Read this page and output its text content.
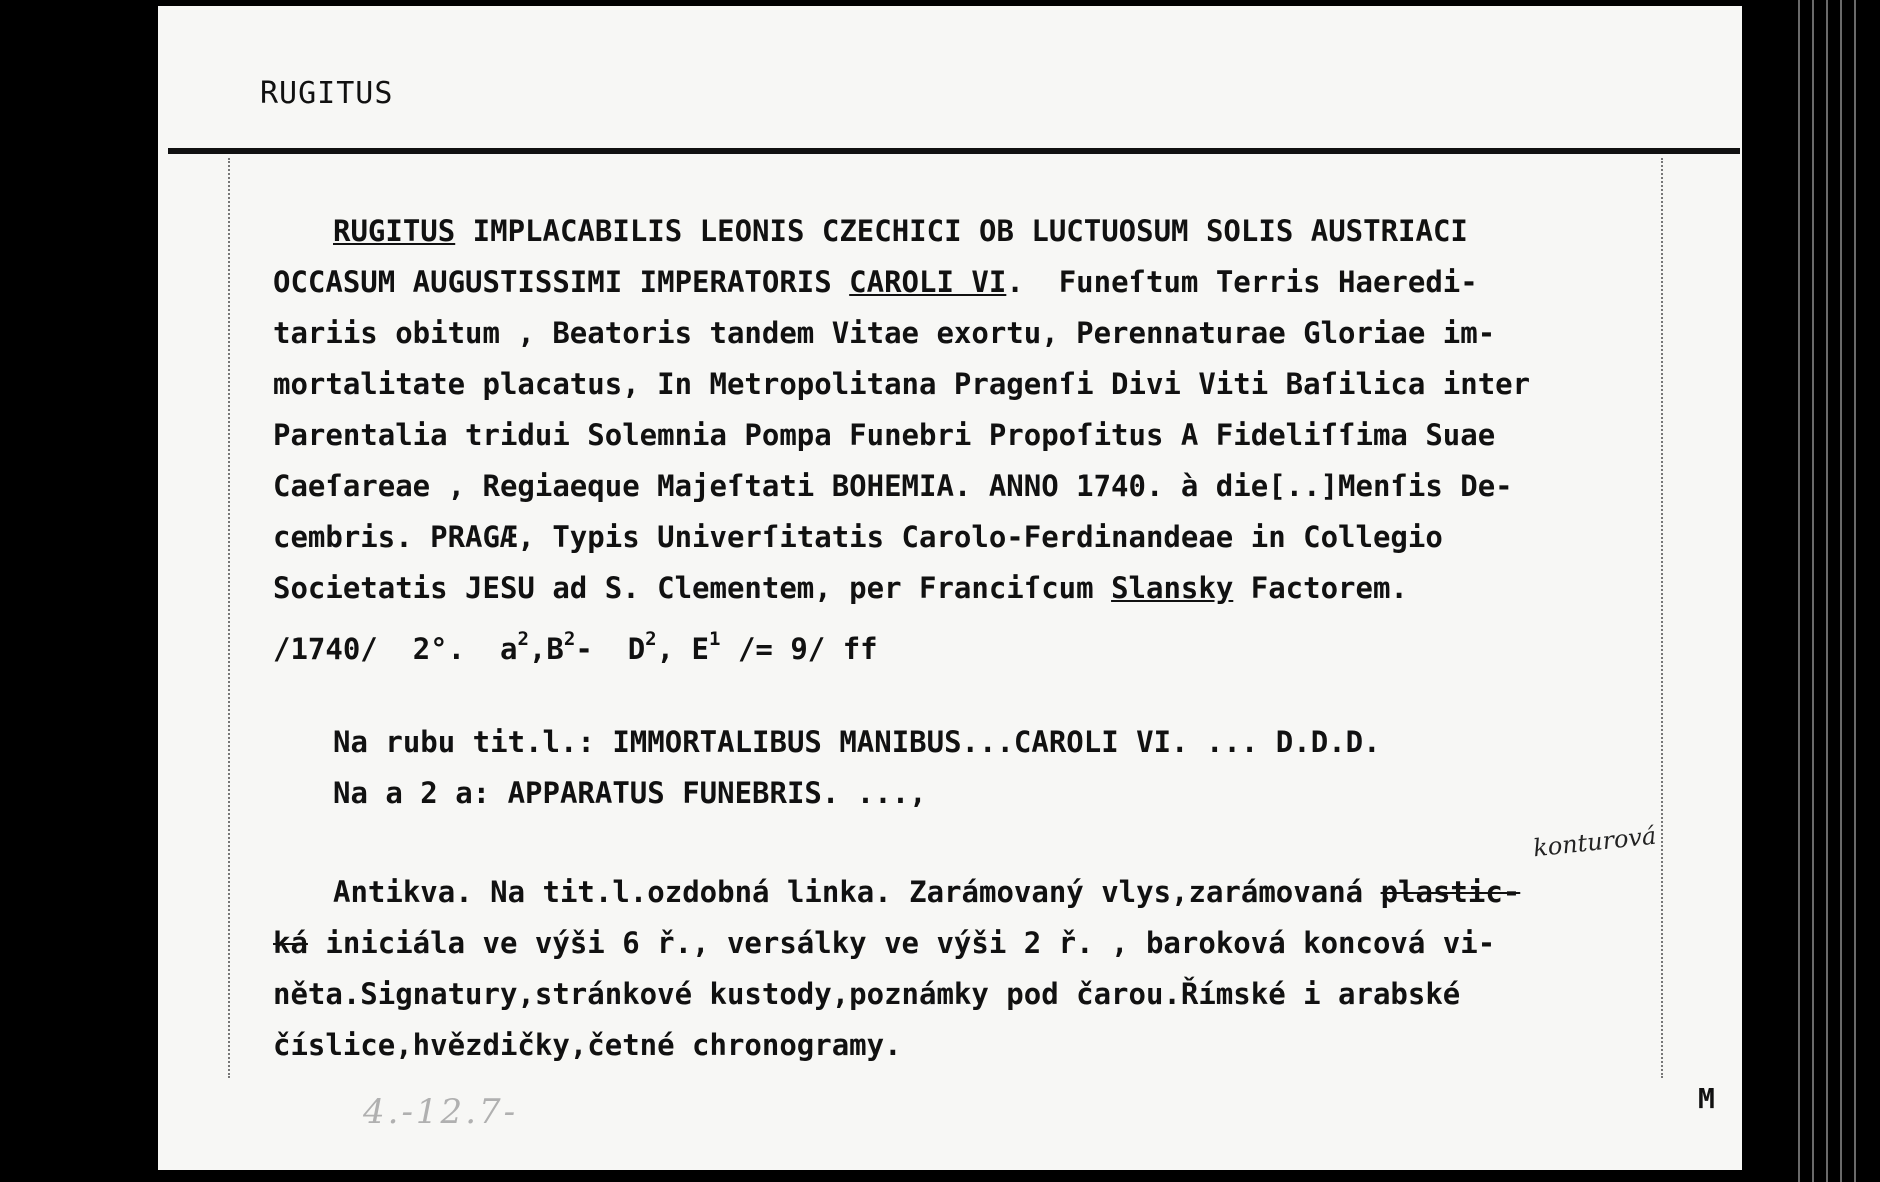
RUGITUS
RUGITUS IMPLACABILIS LEONIS CZECHICI OB LUCTUOSUM SOLIS AUSTRIACI
OCCASUM AUGUSTISSIMI IMPERATORIS CAROLI VI.  Funeſtum Terris Haeredi-
tariis obitum , Beatoris tandem Vitae exortu, Perennaturae Gloriae im-
mortalitate placatus, In Metropolitana Pragenſi Divi Viti Baſilica inter
Parentalia tridui Solemnia Pompa Funebri Propoſitus A Fideliſſima Suae
Caeſareae , Regiaeque Majeſtati BOHEMIA. ANNO 1740. à die[..]Menſis De-
cembris. PRAGÆ, Typis Univerſitatis Carolo-Ferdinandeae in Collegio
Societatis JESU ad S. Clementem, per Franciſcum Slansky Factorem.
/1740/ 2°. $a^2,B^2-$ $D^2$, $E^1 /= 9/$ ff
Na rubu tit.l.: IMMORTALIBUS MANIBUS...CAROLI VI. ... D.D.D.
Na a 2 a: APPARATUS FUNEBRIS. ...,
Antikva. Na tit.l.ozdobná linka. Zarámovaný vlys,zarámovaná plastic-
ká iniciála ve výši 6 ř., versálky ve výši 2 ř. , baroková koncová vi-
něta.Signatury,stránkové kustody,poznámky pod čarou.Římské i arabské
číslice,hvězdičky,četné chronogramy.
konturová
4.-12.7-	M
